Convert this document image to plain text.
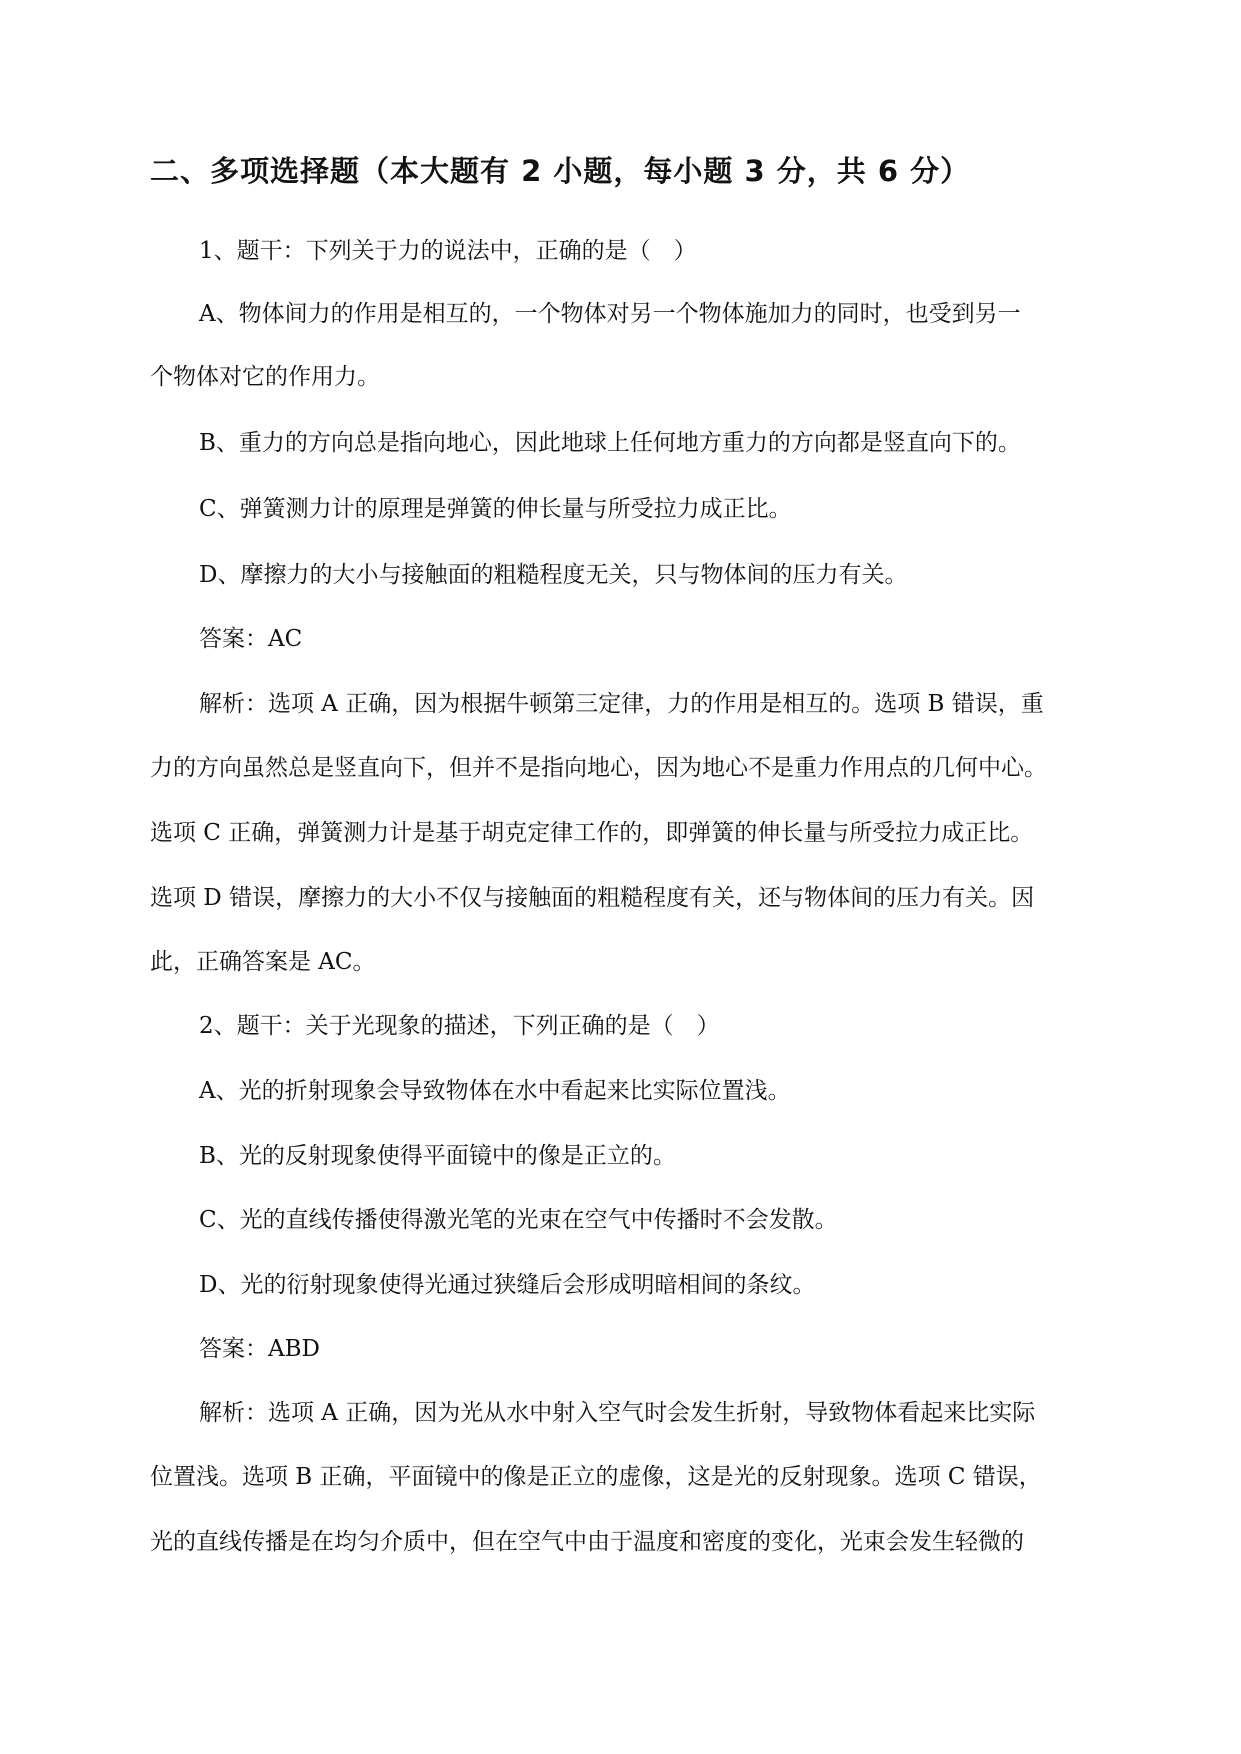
二、多项选择题（本大题有 2 小题，每小题 3 分，共 6 分）

1、题干：下列关于力的说法中，正确的是（　）

A、物体间力的作用是相互的，一个物体对另一个物体施加力的同时，也受到另一

个物体对它的作用力。

B、重力的方向总是指向地心，因此地球上任何地方重力的方向都是竖直向下的。

C、弹簧测力计的原理是弹簧的伸长量与所受拉力成正比。

D、摩擦力的大小与接触面的粗糙程度无关，只与物体间的压力有关。

答案：AC

解析：选项 A 正确，因为根据牛顿第三定律，力的作用是相互的。选项 B 错误，重

力的方向虽然总是竖直向下，但并不是指向地心，因为地心不是重力作用点的几何中心。

选项 C 正确，弹簧测力计是基于胡克定律工作的，即弹簧的伸长量与所受拉力成正比。

选项 D 错误，摩擦力的大小不仅与接触面的粗糙程度有关，还与物体间的压力有关。因

此，正确答案是 AC。

2、题干：关于光现象的描述，下列正确的是（　）

A、光的折射现象会导致物体在水中看起来比实际位置浅。

B、光的反射现象使得平面镜中的像是正立的。

C、光的直线传播使得激光笔的光束在空气中传播时不会发散。

D、光的衍射现象使得光通过狭缝后会形成明暗相间的条纹。

答案：ABD

解析：选项 A 正确，因为光从水中射入空气时会发生折射，导致物体看起来比实际

位置浅。选项 B 正确，平面镜中的像是正立的虚像，这是光的反射现象。选项 C 错误，

光的直线传播是在均匀介质中，但在空气中由于温度和密度的变化，光束会发生轻微的
